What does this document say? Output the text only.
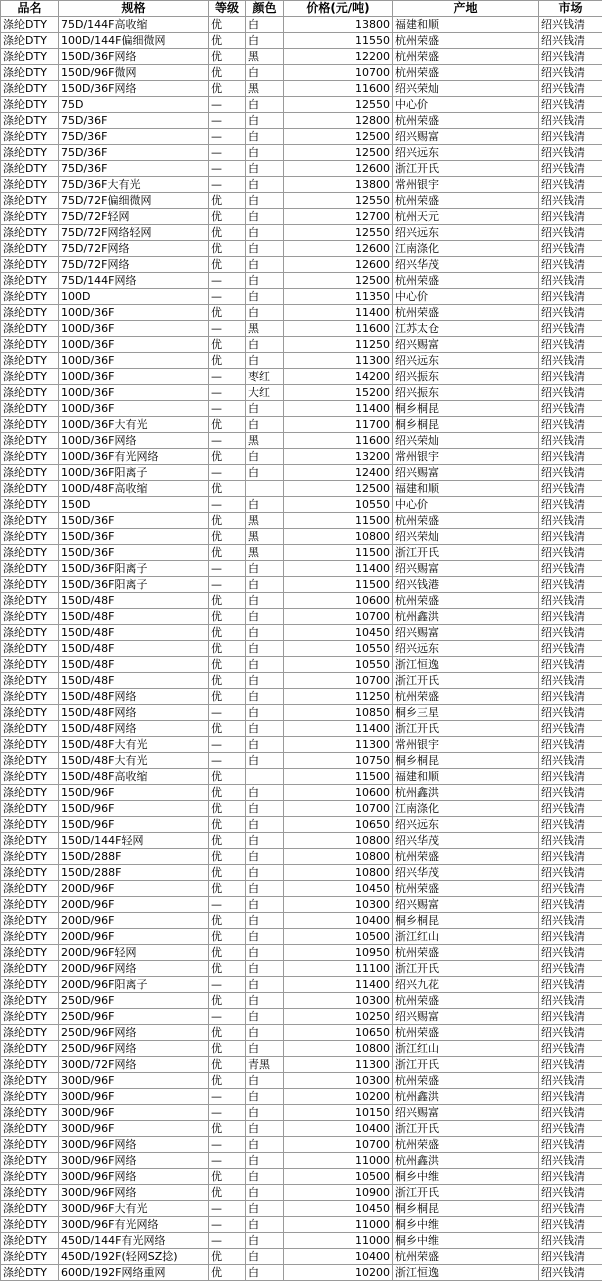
品名	规格	等级	颜色	价格(元/吨)	产地	市场
涤纶DTY	75D/144F高收缩	优	白	13800	福建和顺	绍兴钱清
涤纶DTY	100D/144F偏细微网	优	白	11550	杭州荣盛	绍兴钱清
涤纶DTY	150D/36F网络	优	黑	12200	杭州荣盛	绍兴钱清
涤纶DTY	150D/96F微网	优	白	10700	杭州荣盛	绍兴钱清
涤纶DTY	150D/36F网络	优	黑	11600	绍兴荣灿	绍兴钱清
涤纶DTY	75D	—	白	12550	中心价	绍兴钱清
涤纶DTY	75D/36F	—	白	12800	杭州荣盛	绍兴钱清
涤纶DTY	75D/36F	—	白	12500	绍兴赐富	绍兴钱清
涤纶DTY	75D/36F	—	白	12500	绍兴远东	绍兴钱清
涤纶DTY	75D/36F	—	白	12600	浙江开氏	绍兴钱清
涤纶DTY	75D/36F大有光	—	白	13800	常州银宇	绍兴钱清
涤纶DTY	75D/72F偏细微网	优	白	12550	杭州荣盛	绍兴钱清
涤纶DTY	75D/72F轻网	优	白	12700	杭州天元	绍兴钱清
涤纶DTY	75D/72F网络轻网	优	白	12550	绍兴远东	绍兴钱清
涤纶DTY	75D/72F网络	优	白	12600	江南涤化	绍兴钱清
涤纶DTY	75D/72F网络	优	白	12600	绍兴华茂	绍兴钱清
涤纶DTY	75D/144F网络	—	白	12500	杭州荣盛	绍兴钱清
涤纶DTY	100D	—	白	11350	中心价	绍兴钱清
涤纶DTY	100D/36F	优	白	11400	杭州荣盛	绍兴钱清
涤纶DTY	100D/36F	—	黑	11600	江苏太仓	绍兴钱清
涤纶DTY	100D/36F	优	白	11250	绍兴赐富	绍兴钱清
涤纶DTY	100D/36F	优	白	11300	绍兴远东	绍兴钱清
涤纶DTY	100D/36F	—	枣红	14200	绍兴振东	绍兴钱清
涤纶DTY	100D/36F	—	大红	15200	绍兴振东	绍兴钱清
涤纶DTY	100D/36F	—	白	11400	桐乡桐昆	绍兴钱清
涤纶DTY	100D/36F大有光	优	白	11700	桐乡桐昆	绍兴钱清
涤纶DTY	100D/36F网络	—	黑	11600	绍兴荣灿	绍兴钱清
涤纶DTY	100D/36F有光网络	优	白	13200	常州银宇	绍兴钱清
涤纶DTY	100D/36F阳离子	—	白	12400	绍兴赐富	绍兴钱清
涤纶DTY	100D/48F高收缩	优		12500	福建和顺	绍兴钱清
涤纶DTY	150D	—	白	10550	中心价	绍兴钱清
涤纶DTY	150D/36F	优	黑	11500	杭州荣盛	绍兴钱清
涤纶DTY	150D/36F	优	黑	10800	绍兴荣灿	绍兴钱清
涤纶DTY	150D/36F	优	黑	11500	浙江开氏	绍兴钱清
涤纶DTY	150D/36F阳离子	—	白	11400	绍兴赐富	绍兴钱清
涤纶DTY	150D/36F阳离子	—	白	11500	绍兴钱港	绍兴钱清
涤纶DTY	150D/48F	优	白	10600	杭州荣盛	绍兴钱清
涤纶DTY	150D/48F	优	白	10700	杭州鑫洪	绍兴钱清
涤纶DTY	150D/48F	优	白	10450	绍兴赐富	绍兴钱清
涤纶DTY	150D/48F	优	白	10550	绍兴远东	绍兴钱清
涤纶DTY	150D/48F	优	白	10550	浙江恒逸	绍兴钱清
涤纶DTY	150D/48F	优	白	10700	浙江开氏	绍兴钱清
涤纶DTY	150D/48F网络	优	白	11250	杭州荣盛	绍兴钱清
涤纶DTY	150D/48F网络	—	白	10850	桐乡三星	绍兴钱清
涤纶DTY	150D/48F网络	优	白	11400	浙江开氏	绍兴钱清
涤纶DTY	150D/48F大有光	—	白	11300	常州银宇	绍兴钱清
涤纶DTY	150D/48F大有光	—	白	10750	桐乡桐昆	绍兴钱清
涤纶DTY	150D/48F高收缩	优		11500	福建和顺	绍兴钱清
涤纶DTY	150D/96F	优	白	10600	杭州鑫洪	绍兴钱清
涤纶DTY	150D/96F	优	白	10700	江南涤化	绍兴钱清
涤纶DTY	150D/96F	优	白	10650	绍兴远东	绍兴钱清
涤纶DTY	150D/144F轻网	优	白	10800	绍兴华茂	绍兴钱清
涤纶DTY	150D/288F	优	白	10800	杭州荣盛	绍兴钱清
涤纶DTY	150D/288F	优	白	10800	绍兴华茂	绍兴钱清
涤纶DTY	200D/96F	优	白	10450	杭州荣盛	绍兴钱清
涤纶DTY	200D/96F	—	白	10300	绍兴赐富	绍兴钱清
涤纶DTY	200D/96F	优	白	10400	桐乡桐昆	绍兴钱清
涤纶DTY	200D/96F	优	白	10500	浙江红山	绍兴钱清
涤纶DTY	200D/96F轻网	优	白	10950	杭州荣盛	绍兴钱清
涤纶DTY	200D/96F网络	优	白	11100	浙江开氏	绍兴钱清
涤纶DTY	200D/96F阳离子	—	白	11400	绍兴九花	绍兴钱清
涤纶DTY	250D/96F	优	白	10300	杭州荣盛	绍兴钱清
涤纶DTY	250D/96F	—	白	10250	绍兴赐富	绍兴钱清
涤纶DTY	250D/96F网络	优	白	10650	杭州荣盛	绍兴钱清
涤纶DTY	250D/96F网络	优	白	10800	浙江红山	绍兴钱清
涤纶DTY	300D/72F网络	优	青黑	11300	浙江开氏	绍兴钱清
涤纶DTY	300D/96F	优	白	10300	杭州荣盛	绍兴钱清
涤纶DTY	300D/96F	—	白	10200	杭州鑫洪	绍兴钱清
涤纶DTY	300D/96F	—	白	10150	绍兴赐富	绍兴钱清
涤纶DTY	300D/96F	优	白	10400	浙江开氏	绍兴钱清
涤纶DTY	300D/96F网络	—	白	10700	杭州荣盛	绍兴钱清
涤纶DTY	300D/96F网络	—	白	11000	杭州鑫洪	绍兴钱清
涤纶DTY	300D/96F网络	优	白	10500	桐乡中维	绍兴钱清
涤纶DTY	300D/96F网络	优	白	10900	浙江开氏	绍兴钱清
涤纶DTY	300D/96F大有光	—	白	10450	桐乡桐昆	绍兴钱清
涤纶DTY	300D/96F有光网络	—	白	11000	桐乡中维	绍兴钱清
涤纶DTY	450D/144F有光网络	—	白	11000	桐乡中维	绍兴钱清
涤纶DTY	450D/192F(轻网SZ捻)	优	白	10400	杭州荣盛	绍兴钱清
涤纶DTY	600D/192F网络重网	优	白	10200	浙江恒逸	绍兴钱清
